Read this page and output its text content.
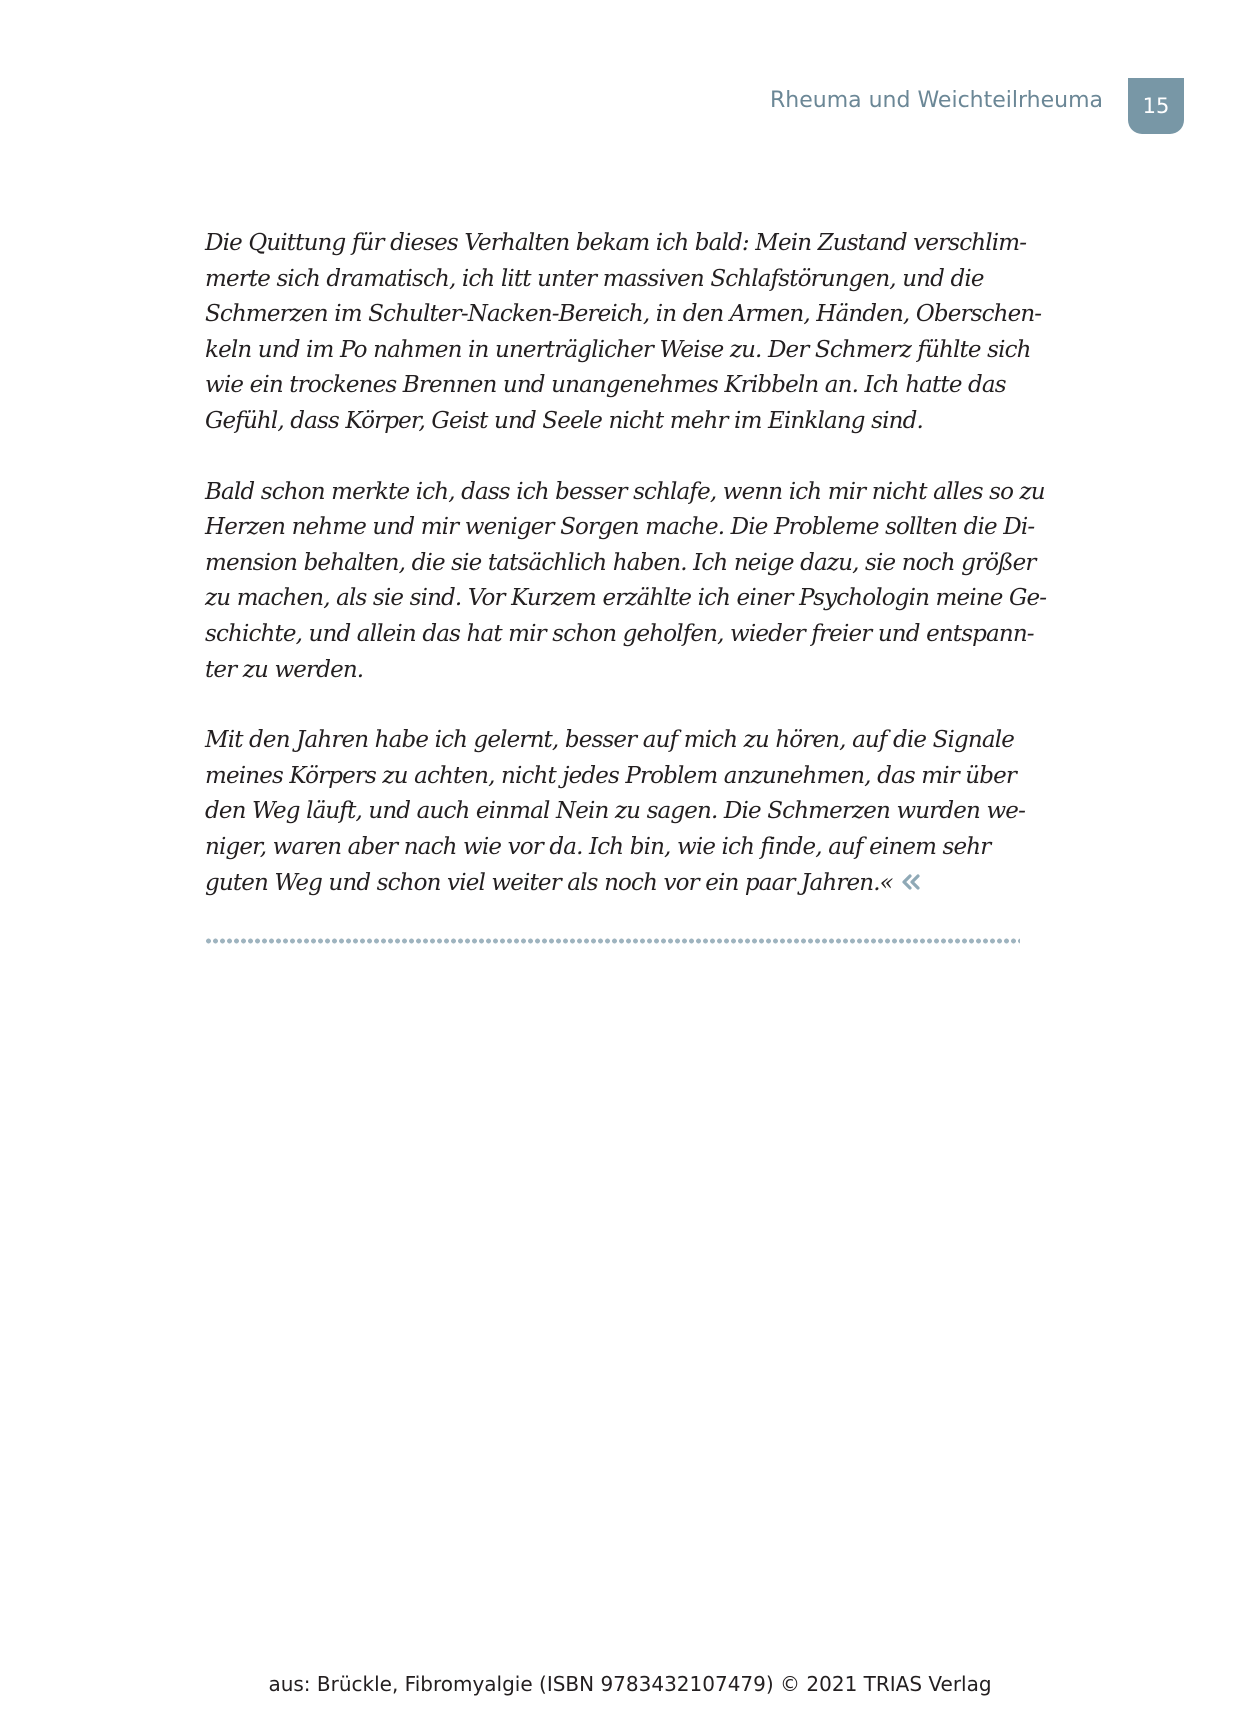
Rheuma und Weichteilrheuma	15

Die Quittung für dieses Verhalten bekam ich bald: Mein Zustand verschlim-
merte sich dramatisch, ich litt unter massiven Schlafstörungen, und die
Schmerzen im Schulter-Nacken-Bereich, in den Armen, Händen, Oberschen-
keln und im Po nahmen in unerträglicher Weise zu. Der Schmerz fühlte sich
wie ein trockenes Brennen und unangenehmes Kribbeln an. Ich hatte das
Gefühl, dass Körper, Geist und Seele nicht mehr im Einklang sind.

Bald schon merkte ich, dass ich besser schlafe, wenn ich mir nicht alles so zu
Herzen nehme und mir weniger Sorgen mache. Die Probleme sollten die Di-
mension behalten, die sie tatsächlich haben. Ich neige dazu, sie noch größer
zu machen, als sie sind. Vor Kurzem erzählte ich einer Psychologin meine Ge-
schichte, und allein das hat mir schon geholfen, wieder freier und entspann-
ter zu werden.

Mit den Jahren habe ich gelernt, besser auf mich zu hören, auf die Signale
meines Körpers zu achten, nicht jedes Problem anzunehmen, das mir über
den Weg läuft, und auch einmal Nein zu sagen. Die Schmerzen wurden we-
niger, waren aber nach wie vor da. Ich bin, wie ich finde, auf einem sehr
guten Weg und schon viel weiter als noch vor ein paar Jahren.«

aus: Brückle, Fibromyalgie (ISBN 9783432107479) © 2021 TRIAS Verlag
